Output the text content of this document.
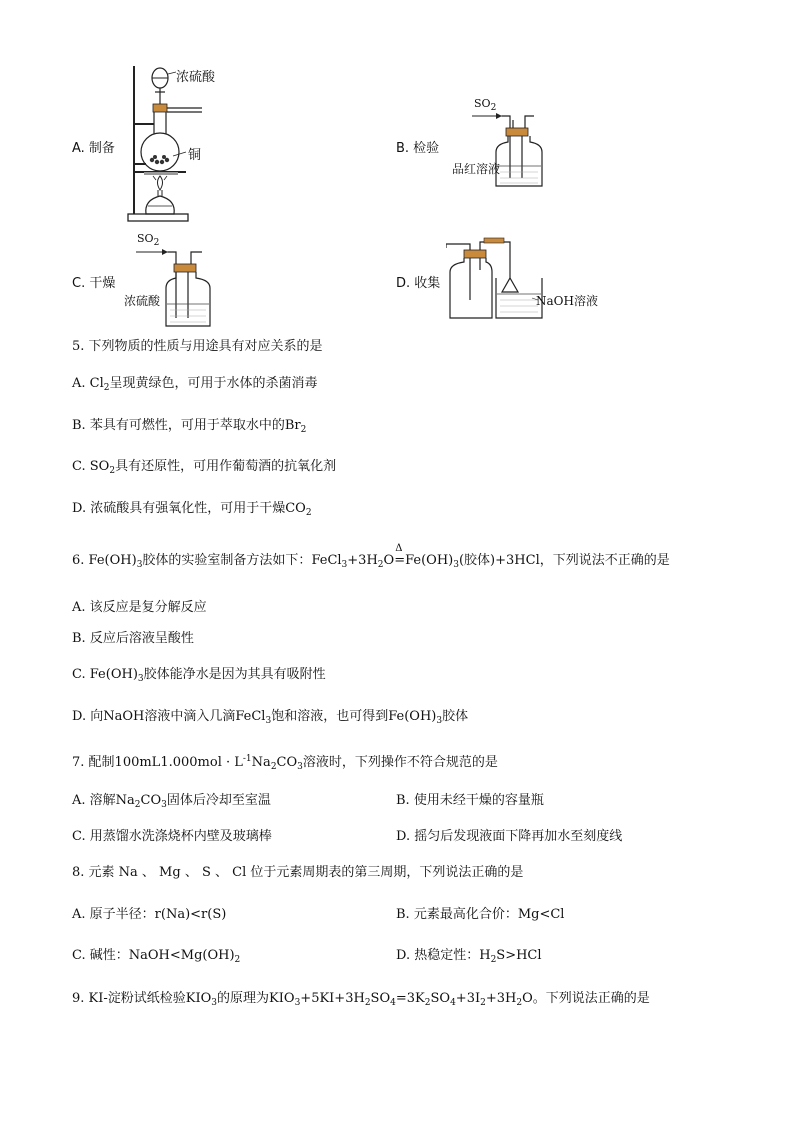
A. 制备
浓硫酸
铜	B. 检验
$SO_2$
品红溶液
C. 干燥
$SO_2$
浓硫酸
D. 收集
NaOH溶液
5. 下列物质的性质与用途具有对应关系的是
A. $Cl_2$呈现黄绿色，可用于水体的杀菌消毒
B. 苯具有可燃性，可用于萃取水中的$Br_2$
C. $SO_2$具有还原性，可用作葡萄酒的抗氧化剂
D. 浓硫酸具有强氧化性，可用于干燥$CO_2$
6. $Fe(OH)_3$胶体的实验室制备方法如下：$FeCl_3+3H_2O$
Δ
$=Fe(OH)_3$(胶体)+3HCl，下列说法不正确的是
A. 该反应是复分解反应
B. 反应后溶液呈酸性
C. $Fe(OH)_3$胶体能净水是因为其具有吸附性
D. 向NaOH溶液中滴入几滴FeCl$_3$饱和溶液，也可得到$Fe(OH)_3$胶体
7. 配制$100mL1.000mol \cdot L^{-1}Na_2CO_3$溶液时，下列操作不符合规范的是
A. 溶解$Na_2CO_3$固体后冷却至室温	B. 使用未经干燥的容量瓶
C. 用蒸馏水洗涤烧杯内壁及玻璃棒	D. 摇匀后发现液面下降再加水至刻度线
8. 元素 Na 、 Mg 、 S 、 Cl 位于元素周期表的第三周期，下列说法正确的是
A. 原子半径：r(Na)<r(S)	B. 元素最高化合价：Mg<Cl
C. 碱性：$NaOH<Mg(OH)_2$	D. 热稳定性：$H_2S>HCl$
9. KI-淀粉试纸检验$KIO_3$的原理为$KIO_3+5KI+3H_2SO_4=3K_2SO_4+3I_2+3H_2O$。下列说法正确的是
